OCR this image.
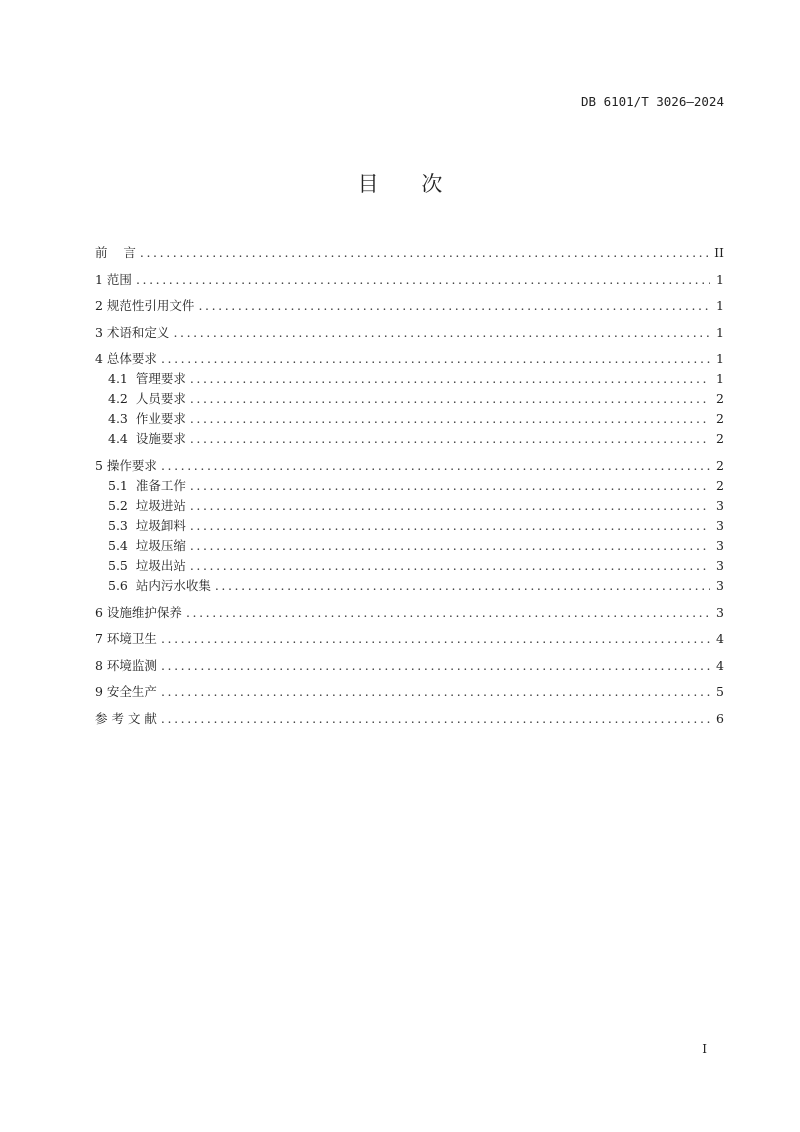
DB 6101/T 3026—2024
目 次
前    言 .....	II
1 范围 .....	1
2 规范性引用文件 .....	1
3 术语和定义 .....	1
4 总体要求 .....	1
4.1  管理要求 .....	1
4.2  人员要求 .....	2
4.3  作业要求 .....	2
4.4  设施要求 .....	2
5 操作要求 .....	2
5.1  准备工作 .....	2
5.2  垃圾进站 .....	3
5.3  垃圾卸料 .....	3
5.4  垃圾压缩 .....	3
5.5  垃圾出站 .....	3
5.6  站内污水收集 .....	3
6 设施维护保养 .....	3
7 环境卫生 .....	4
8 环境监测 .....	4
9 安全生产 .....	5
参 考 文 献 .....	6
I
